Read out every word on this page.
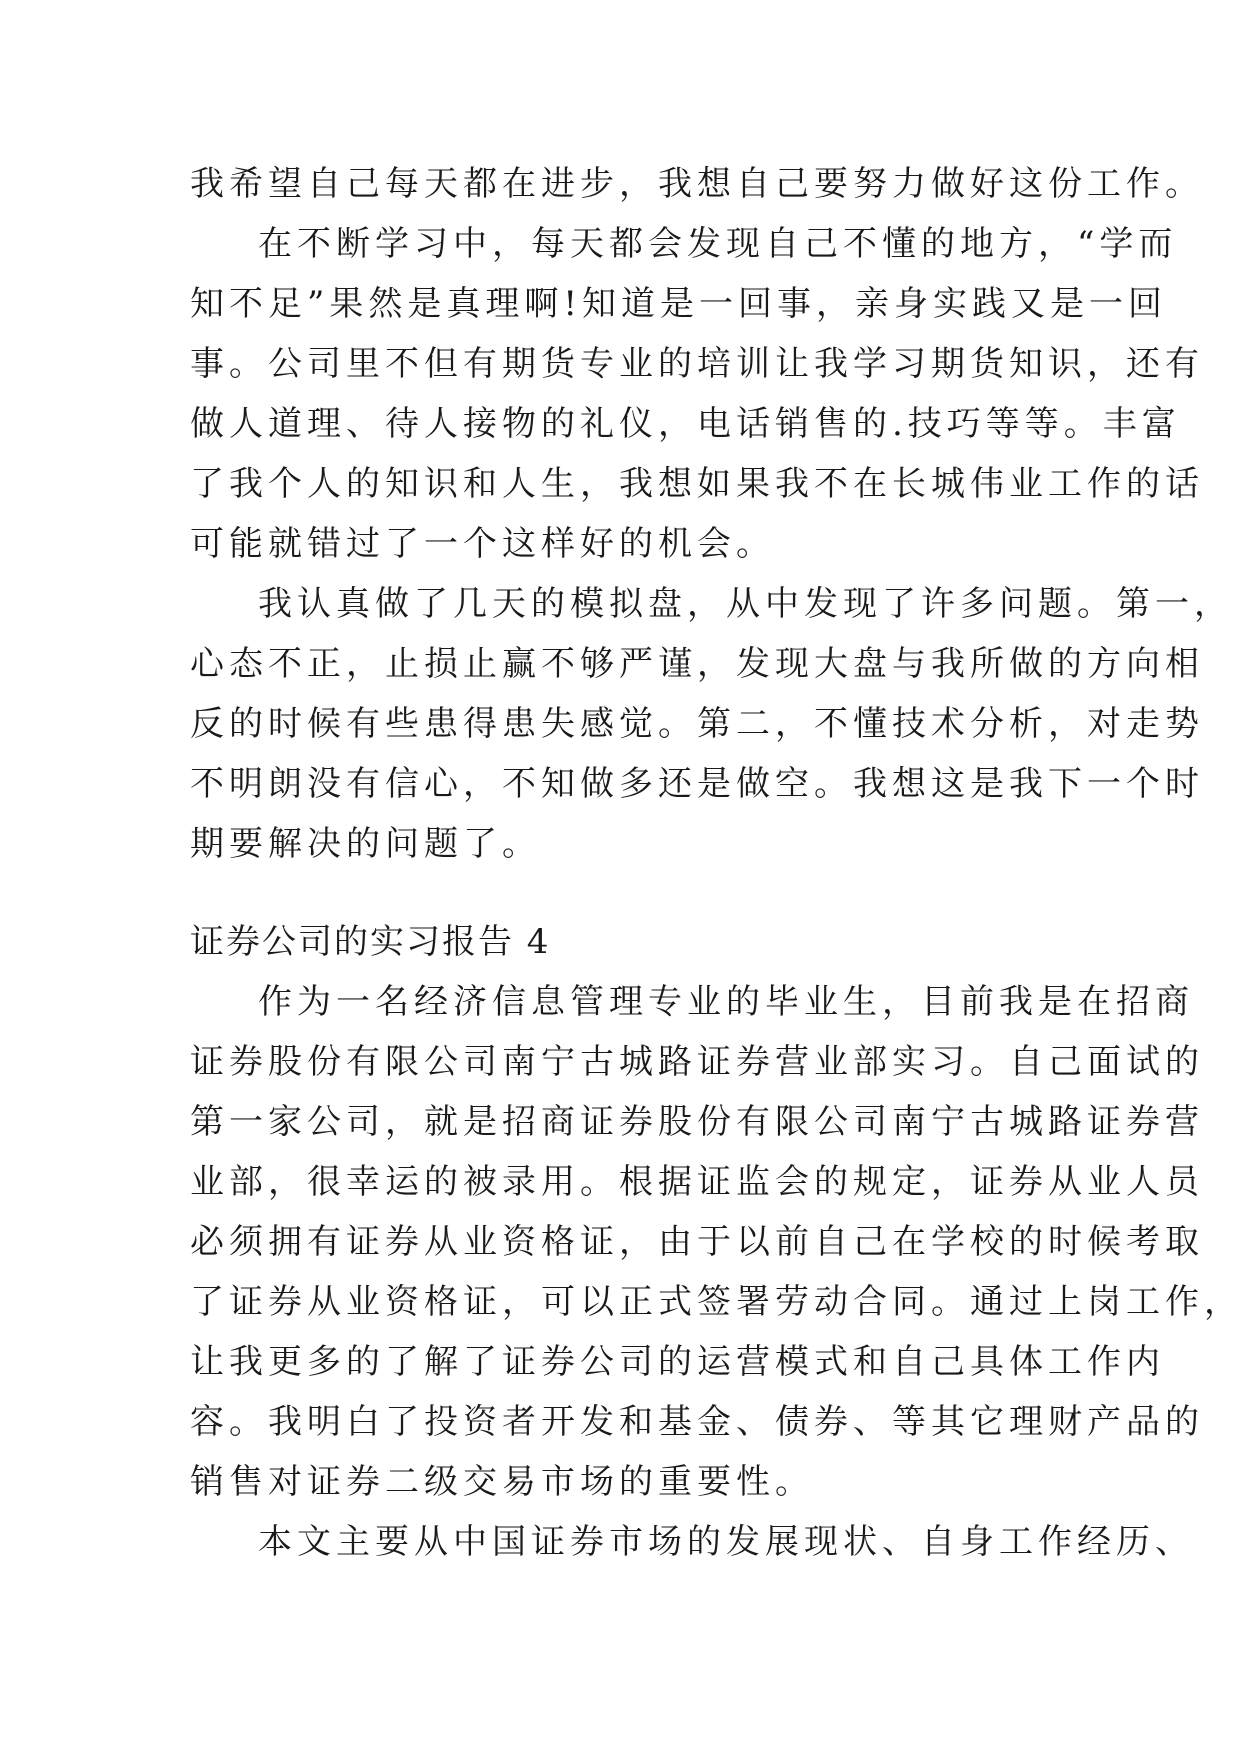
我希望自己每天都在进步，我想自己要努力做好这份工作。
在不断学习中，每天都会发现自己不懂的地方，“学而
知不足”果然是真理啊!知道是一回事，亲身实践又是一回
事。公司里不但有期货专业的培训让我学习期货知识，还有
做人道理、待人接物的礼仪，电话销售的.技巧等等。丰富
了我个人的知识和人生，我想如果我不在长城伟业工作的话
可能就错过了一个这样好的机会。
我认真做了几天的模拟盘，从中发现了许多问题。第一，
心态不正，止损止赢不够严谨，发现大盘与我所做的方向相
反的时候有些患得患失感觉。第二，不懂技术分析，对走势
不明朗没有信心，不知做多还是做空。我想这是我下一个时
期要解决的问题了。
证券公司的实习报告 4
作为一名经济信息管理专业的毕业生，目前我是在招商
证券股份有限公司南宁古城路证券营业部实习。自己面试的
第一家公司，就是招商证券股份有限公司南宁古城路证券营
业部，很幸运的被录用。根据证监会的规定，证券从业人员
必须拥有证券从业资格证，由于以前自己在学校的时候考取
了证券从业资格证，可以正式签署劳动合同。通过上岗工作，
让我更多的了解了证券公司的运营模式和自己具体工作内
容。我明白了投资者开发和基金、债券、等其它理财产品的
销售对证券二级交易市场的重要性。
本文主要从中国证券市场的发展现状、自身工作经历、
